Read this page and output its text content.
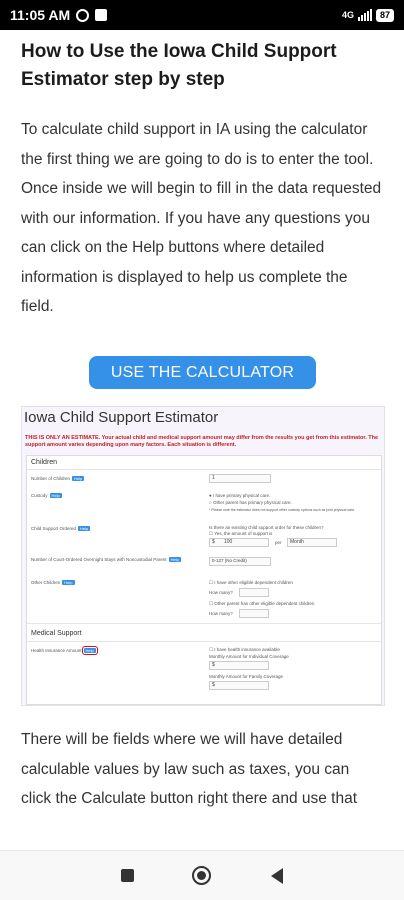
11:05 AM	4G	87
How to Use the Iowa Child Support Estimator step by step

To calculate child support in IA using the calculator the first thing we are going to do is to enter the tool. Once inside we will begin to fill in the data requested with our information. If you have any questions you can click on the Help buttons where detailed information is displayed to help us complete the field.

USE THE CALCULATOR
Iowa Child Support Estimator
THIS IS ONLY AN ESTIMATE. Your actual child and medical support amount may differ from the results you get from this estimator. The support amount varies depending upon many factors. Each situation is different.
Children
Number of Children Help	1
Custody Help	● I have primary physical care.
○ Other parent has primary physical care.
* Please note the estimator does not support other custody options such as joint physical care.
Child Support Ordered Help	Is there an existing child support order for these children?
☐ Yes, the amount of support is
$ 100	per Month
Number of Court-Ordered Overnight Stays with Noncustodial Parent Help	0-127 (No Credit)
Other Children Help	☐ I have other eligible dependent children
How many?
☐ Other parent has other eligible dependent children
How many?
Medical Support
Health Insurance Amount Help	☐ I have health insurance available
Monthly Amount for Individual Coverage
$
Monthly Amount for Family Coverage
$

There will be fields where we will have detailed calculable values by law such as taxes, you can click the Calculate button right there and use that
